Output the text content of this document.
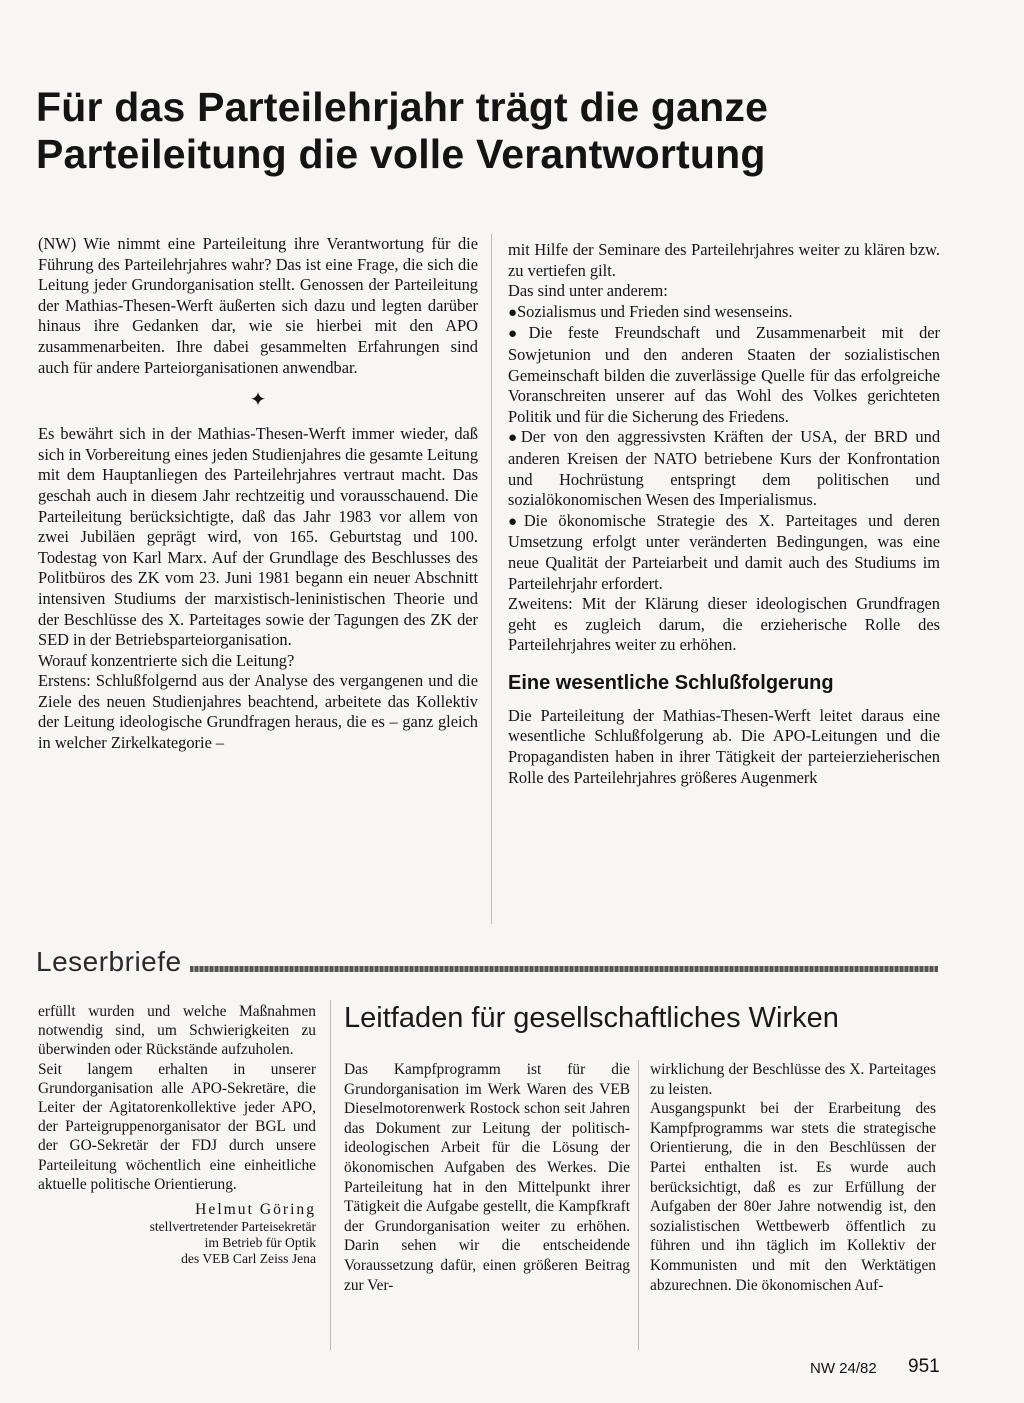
Für das Parteilehrjahr trägt die ganze
Parteileitung die volle Verantwortung

(NW) Wie nimmt eine Parteileitung ihre Verantwortung für die Führung des Parteilehrjahres wahr? Das ist eine Frage, die sich die Leitung jeder Grundorganisation stellt. Genossen der Parteileitung der Mathias-Thesen-Werft äußerten sich dazu und legten darüber hinaus ihre Gedanken dar, wie sie hierbei mit den APO zusammenarbeiten. Ihre dabei gesammelten Erfahrungen sind auch für andere Parteiorganisationen anwendbar.

✦

Es bewährt sich in der Mathias-Thesen-Werft immer wieder, daß sich in Vorbereitung eines jeden Studienjahres die gesamte Leitung mit dem Hauptanliegen des Parteilehrjahres vertraut macht. Das geschah auch in diesem Jahr rechtzeitig und vorausschauend. Die Parteileitung berücksichtigte, daß das Jahr 1983 vor allem von zwei Jubiläen geprägt wird, von 165. Geburtstag und 100. Todestag von Karl Marx. Auf der Grundlage des Beschlusses des Politbüros des ZK vom 23. Juni 1981 begann ein neuer Abschnitt intensiven Studiums der marxistisch-leninistischen Theorie und der Beschlüsse des X. Parteitages sowie der Tagungen des ZK der SED in der Betriebsparteiorganisation.

Worauf konzentrierte sich die Leitung?

Erstens: Schlußfolgernd aus der Analyse des vergangenen und die Ziele des neuen Studienjahres beachtend, arbeitete das Kollektiv der Leitung ideologische Grundfragen heraus, die es – ganz gleich in welcher Zirkelkategorie –

mit Hilfe der Seminare des Parteilehrjahres weiter zu klären bzw. zu vertiefen gilt.

Das sind unter anderem:

●Sozialismus und Frieden sind wesenseins.

●Die feste Freundschaft und Zusammenarbeit mit der Sowjetunion und den anderen Staaten der sozialistischen Gemeinschaft bilden die zuverlässige Quelle für das erfolgreiche Voranschreiten unserer auf das Wohl des Volkes gerichteten Politik und für die Sicherung des Friedens.

●Der von den aggressivsten Kräften der USA, der BRD und anderen Kreisen der NATO betriebene Kurs der Konfrontation und Hochrüstung entspringt dem politischen und sozialökonomischen Wesen des Imperialismus.

●Die ökonomische Strategie des X. Parteitages und deren Umsetzung erfolgt unter veränderten Bedingungen, was eine neue Qualität der Parteiarbeit und damit auch des Studiums im Parteilehrjahr erfordert.

Zweitens: Mit der Klärung dieser ideologischen Grundfragen geht es zugleich darum, die erzieherische Rolle des Parteilehrjahres weiter zu erhöhen.

Eine wesentliche Schlußfolgerung

Die Parteileitung der Mathias-Thesen-Werft leitet daraus eine wesentliche Schlußfolgerung ab. Die APO-Leitungen und die Propagandisten haben in ihrer Tätigkeit der parteierzieherischen Rolle des Parteilehrjahres größeres Augenmerk

Leserbriefe

erfüllt wurden und welche Maßnahmen notwendig sind, um Schwierigkeiten zu überwinden oder Rückstände aufzuholen.

Seit langem erhalten in unserer Grundorganisation alle APO-Sekretäre, die Leiter der Agitatorenkollektive jeder APO, der Parteigruppenorganisator der BGL und der GO-Sekretär der FDJ durch unsere Parteileitung wöchentlich eine einheitliche aktuelle politische Orientierung.

Helmut Göring
stellvertretender Parteisekretär
im Betrieb für Optik
des VEB Carl Zeiss Jena
Leitfaden für gesellschaftliches Wirken

Das Kampfprogramm ist für die Grundorganisation im Werk Waren des VEB Dieselmotorenwerk Rostock schon seit Jahren das Dokument zur Leitung der politisch-ideologischen Arbeit für die Lösung der ökonomischen Aufgaben des Werkes. Die Parteileitung hat in den Mittelpunkt ihrer Tätigkeit die Aufgabe gestellt, die Kampfkraft der Grundorganisation weiter zu erhöhen. Darin sehen wir die entscheidende Voraussetzung dafür, einen größeren Beitrag zur Ver-

wirklichung der Beschlüsse des X. Parteitages zu leisten.

Ausgangspunkt bei der Erarbeitung des Kampfprogramms war stets die strategische Orientierung, die in den Beschlüssen der Partei enthalten ist. Es wurde auch berücksichtigt, daß es zur Erfüllung der Aufgaben der 80er Jahre notwendig ist, den sozialistischen Wettbewerb öffentlich zu führen und ihn täglich im Kollektiv der Kommunisten und mit den Werktätigen abzurechnen. Die ökonomischen Auf-

NW 24/82 951
